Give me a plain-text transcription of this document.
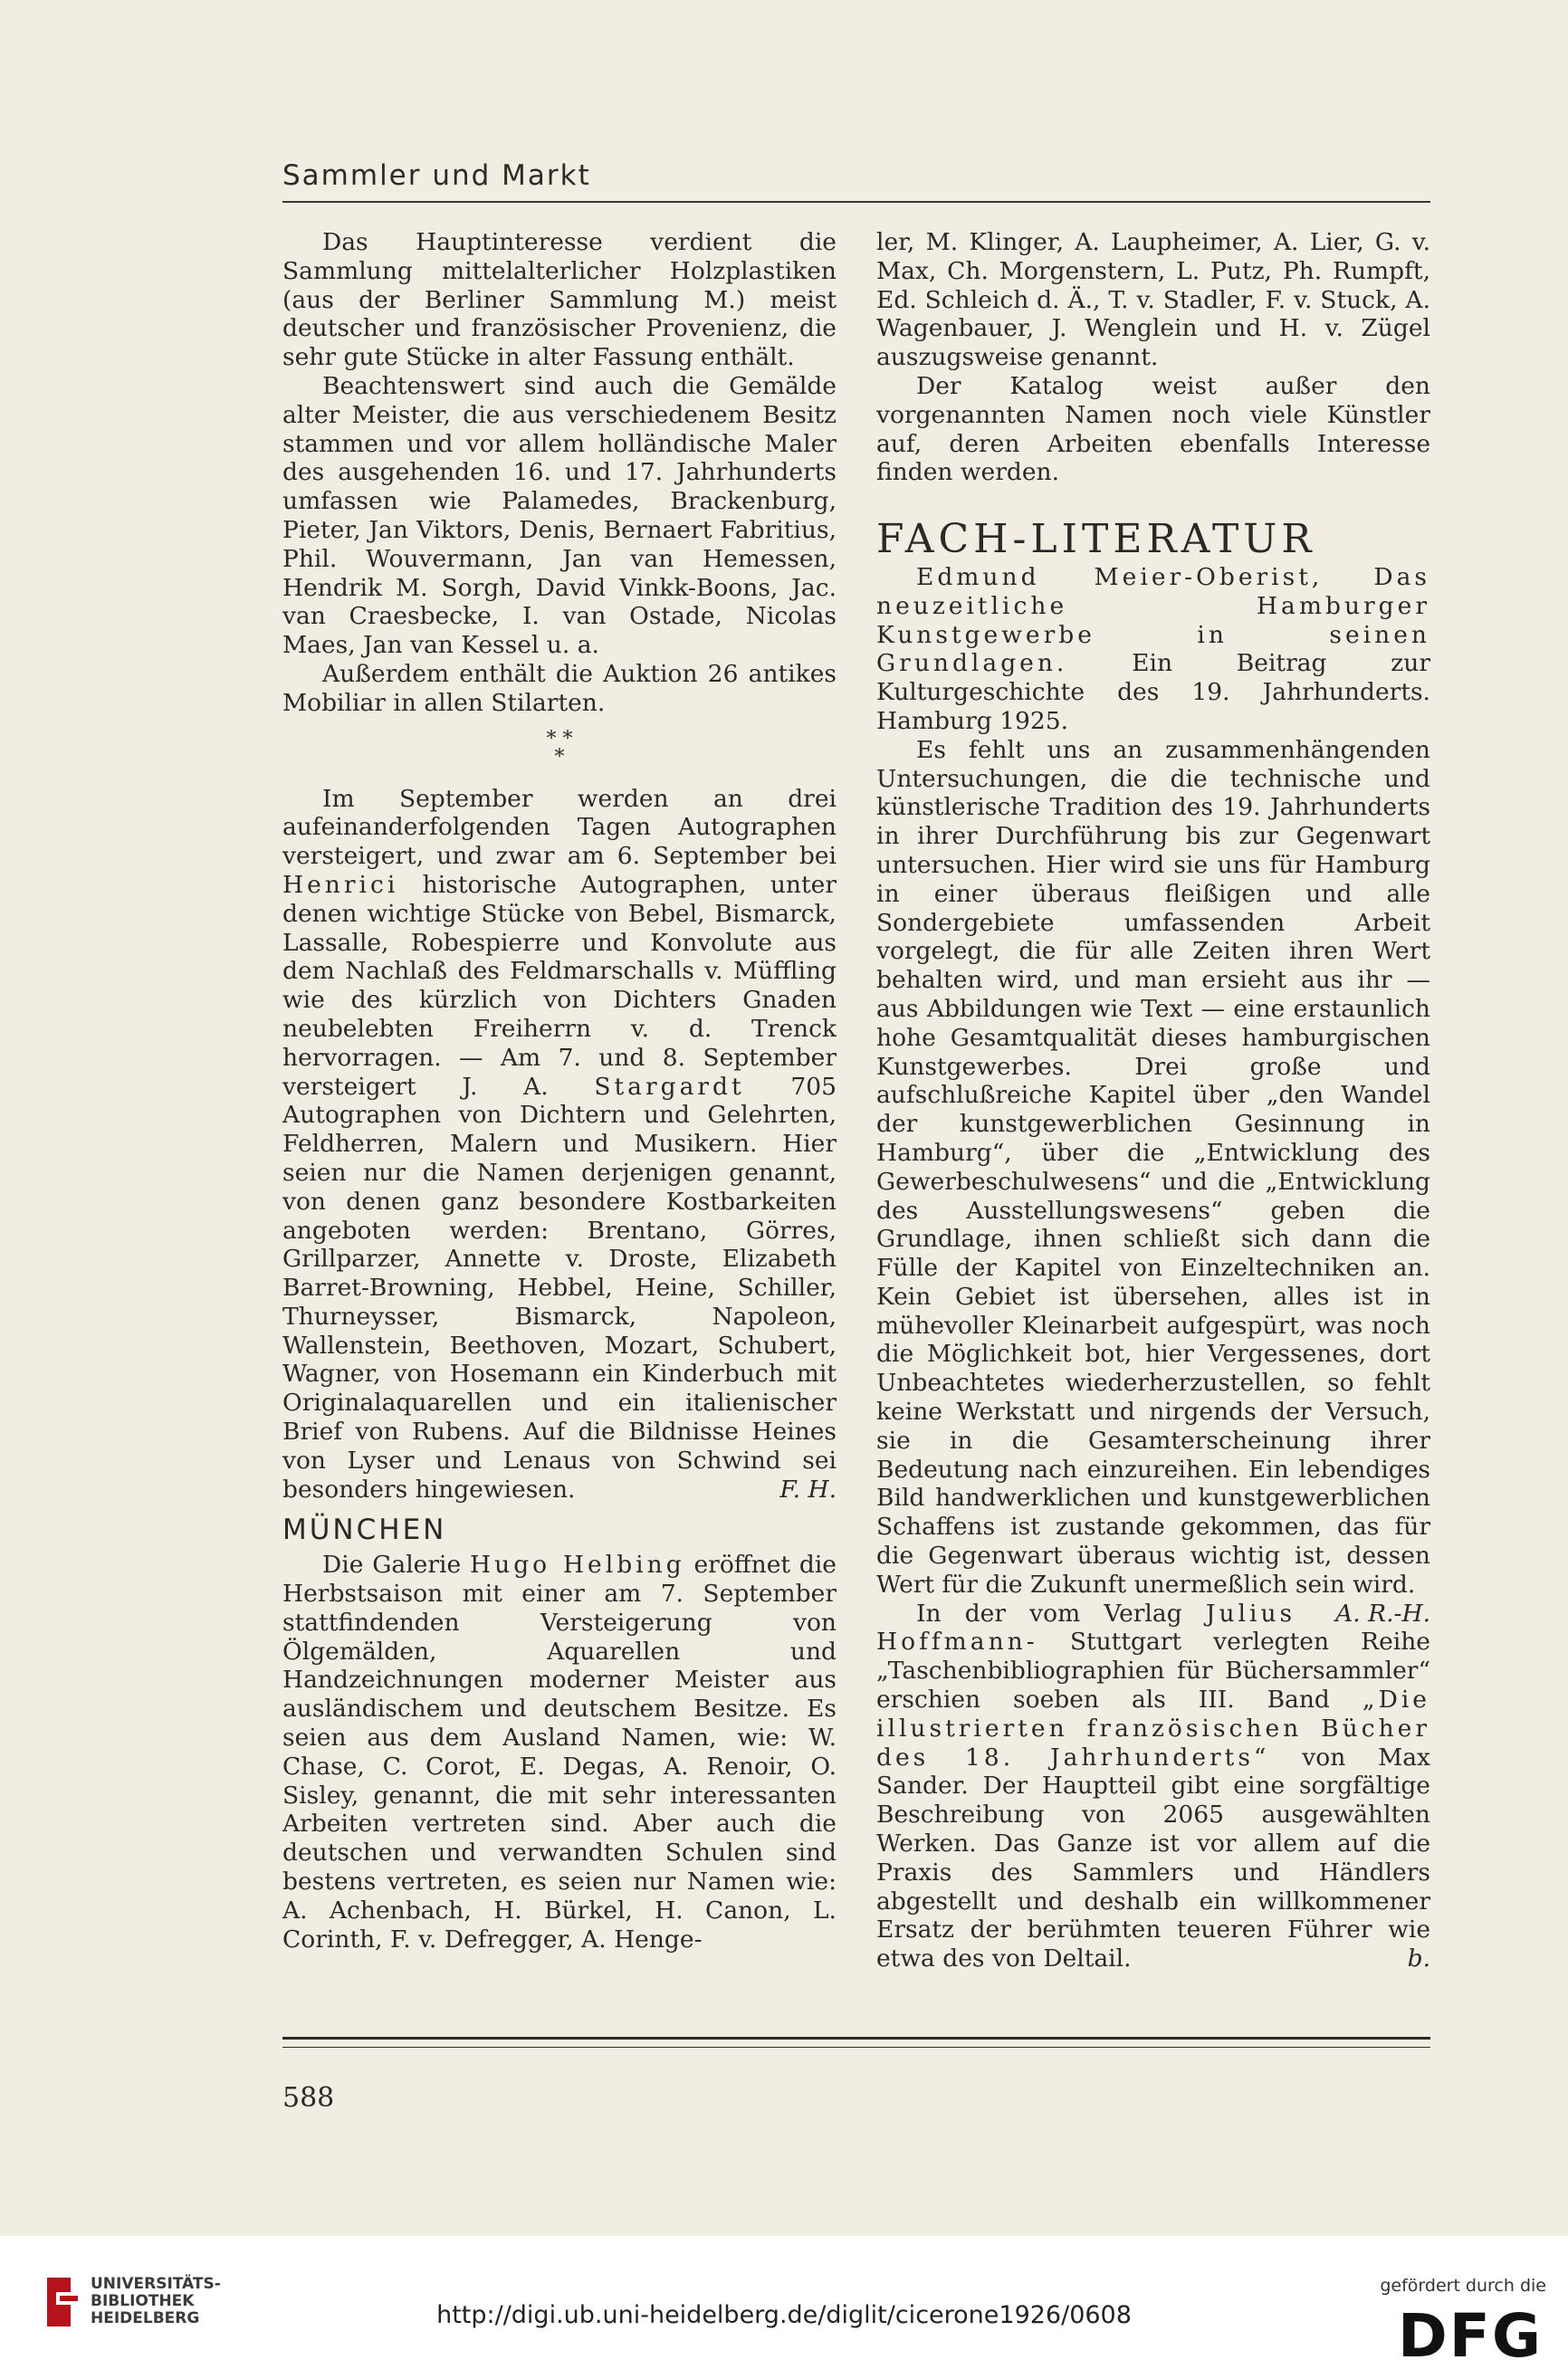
Sammler und Markt

Das Hauptinteresse verdient die Sammlung mittelalterlicher Holzplastiken (aus der Berliner Sammlung M.) meist deutscher und französischer Provenienz, die sehr gute Stücke in alter Fassung enthält.

Beachtenswert sind auch die Gemälde alter Meister, die aus verschiedenem Besitz stammen und vor allem holländische Maler des ausgehenden 16. und 17. Jahrhunderts umfassen wie Palamedes, Brackenburg, Pieter, Jan Viktors, Denis, Bernaert Fabritius, Phil. Wouvermann, Jan van Hemessen, Hendrik M. Sorgh, David Vinkk-Boons, Jac. van Craesbecke, I. van Ostade, Nicolas Maes, Jan van Kessel u. a.

Außerdem enthält die Auktion 26 antikes Mobiliar in allen Stilarten.

* *
*

Im September werden an drei aufeinanderfolgenden Tagen Autographen versteigert, und zwar am 6. September bei Henrici historische Autographen, unter denen wichtige Stücke von Bebel, Bismarck, Lassalle, Robespierre und Konvolute aus dem Nachlaß des Feldmarschalls v. Müffling wie des kürzlich von Dichters Gnaden neubelebten Freiherrn v. d. Trenck hervorragen. — Am 7. und 8. September versteigert J. A. Stargardt 705 Autographen von Dichtern und Gelehrten, Feldherren, Malern und Musikern. Hier seien nur die Namen derjenigen genannt, von denen ganz besondere Kostbarkeiten angeboten werden: Brentano, Görres, Grillparzer, Annette v. Droste, Elizabeth Barret-Browning, Hebbel, Heine, Schiller, Thurneysser, Bismarck, Napoleon, Wallenstein, Beethoven, Mozart, Schubert, Wagner, von Hosemann ein Kinderbuch mit Originalaquarellen und ein italienischer Brief von Rubens. Auf die Bildnisse Heines von Lyser und Lenaus von Schwind sei besonders hingewiesen.	F. H.

MÜNCHEN

Die Galerie Hugo Helbing eröffnet die Herbstsaison mit einer am 7. September stattfindenden Versteigerung von Ölgemälden, Aquarellen und Handzeichnungen moderner Meister aus ausländischem und deutschem Besitze. Es seien aus dem Ausland Namen, wie: W. Chase, C. Corot, E. Degas, A. Renoir, O. Sisley, genannt, die mit sehr interessanten Arbeiten vertreten sind. Aber auch die deutschen und verwandten Schulen sind bestens vertreten, es seien nur Namen wie: A. Achenbach, H. Bürkel, H. Canon, L. Corinth, F. v. Defregger, A. Henge-

ler, M. Klinger, A. Laupheimer, A. Lier, G. v. Max, Ch. Morgenstern, L. Putz, Ph. Rumpft, Ed. Schleich d. Ä., T. v. Stadler, F. v. Stuck, A. Wagenbauer, J. Wenglein und H. v. Zügel auszugsweise genannt.

Der Katalog weist außer den vorgenannten Namen noch viele Künstler auf, deren Arbeiten ebenfalls Interesse finden werden.

FACH-LITERATUR

Edmund Meier-Oberist, Das neuzeitliche Hamburger Kunstgewerbe in seinen Grundlagen.	Ein Beitrag zur Kulturgeschichte des 19. Jahrhunderts. Hamburg 1925.

Es fehlt uns an zusammenhängenden Untersuchungen, die die technische und künstlerische Tradition des 19. Jahrhunderts in ihrer Durchführung bis zur Gegenwart untersuchen. Hier wird sie uns für Hamburg in einer überaus fleißigen und alle Sondergebiete umfassenden Arbeit vorgelegt, die für alle Zeiten ihren Wert behalten wird, und man ersieht aus ihr — aus Abbildungen wie Text — eine erstaunlich hohe Gesamtqualität dieses hamburgischen Kunstgewerbes. Drei große und aufschlußreiche Kapitel über „den Wandel der kunstgewerblichen Gesinnung in Hamburg“, über die „Entwicklung des Gewerbeschulwesens“ und die „Entwicklung des Ausstellungswesens“ geben die Grundlage, ihnen schließt sich dann die Fülle der Kapitel von Einzeltechniken an. Kein Gebiet ist übersehen, alles ist in mühevoller Kleinarbeit aufgespürt, was noch die Möglichkeit bot, hier Vergessenes, dort Unbeachtetes wiederherzustellen, so fehlt keine Werkstatt und nirgends der Versuch, sie in die Gesamterscheinung ihrer Bedeutung nach einzureihen. Ein lebendiges Bild handwerklichen und kunstgewerblichen Schaffens ist zustande gekommen, das für die Gegenwart überaus wichtig ist, dessen Wert für die Zukunft unermeßlich sein wird.
A. R.-H.

In der vom Verlag Julius Hoffmann- Stuttgart verlegten Reihe „Taschenbibliographien für Büchersammler“ erschien soeben als III. Band „Die illustrierten französischen Bücher des 18. Jahrhunderts“ von Max Sander. Der Hauptteil gibt eine sorgfältige Beschreibung von 2065 ausgewählten Werken. Das Ganze ist vor allem auf die Praxis des Sammlers und Händlers abgestellt und deshalb ein willkommener Ersatz der berühmten teueren Führer wie etwa des von Deltail.	b.

588
UNIVERSITÄTS-
BIBLIOTHEK
HEIDELBERG	http://digi.ub.uni-heidelberg.de/diglit/cicerone1926/0608
gefördert durch die
DFG
